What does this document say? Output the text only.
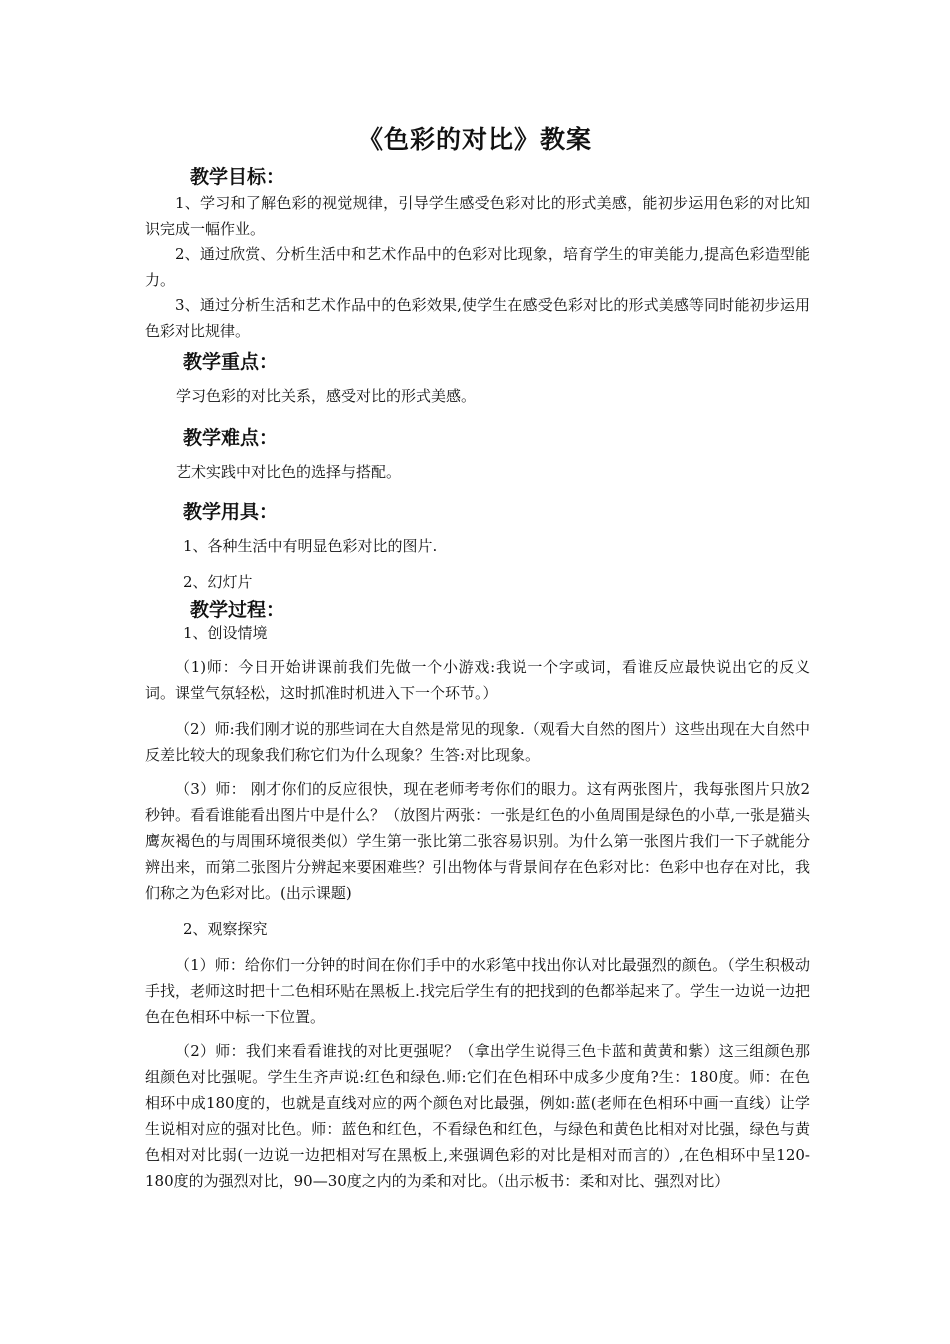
《色彩的对比》教案
教学目标：

1、学习和了解色彩的视觉规律，引导学生感受色彩对比的形式美感，能初步运用色彩的对比知识完成一幅作业。

2、通过欣赏、分析生活中和艺术作品中的色彩对比现象，培育学生的审美能力,提高色彩造型能力。

3、通过分析生活和艺术作品中的色彩效果,使学生在感受色彩对比的形式美感等同时能初步运用色彩对比规律。

教学重点：

学习色彩的对比关系，感受对比的形式美感。

教学难点：

艺术实践中对比色的选择与搭配。

教学用具：

1、各种生活中有明显色彩对比的图片.

2、幻灯片

教学过程：

1、创设情境

（1)师：今日开始讲课前我们先做一个小游戏:我说一个字或词，看谁反应最快说出它的反义词。课堂气氛轻松，这时抓准时机进入下一个环节。）

（2）师:我们刚才说的那些词在大自然是常见的现象.（观看大自然的图片）这些出现在大自然中反差比较大的现象我们称它们为什么现象？生答:对比现象。

（3）师： 刚才你们的反应很快，现在老师考考你们的眼力。这有两张图片，我每张图片只放2秒钟。看看谁能看出图片中是什么？（放图片两张：一张是红色的小鱼周围是绿色的小草,一张是猫头鹰灰褐色的与周围环境很类似）学生第一张比第二张容易识别。为什么第一张图片我们一下子就能分辨出来，而第二张图片分辨起来要困难些？引出物体与背景间存在色彩对比：色彩中也存在对比，我们称之为色彩对比。(出示课题)

2、观察探究

（1）师：给你们一分钟的时间在你们手中的水彩笔中找出你认对比最强烈的颜色。（学生积极动手找，老师这时把十二色相环贴在黑板上.找完后学生有的把找到的色都举起来了。学生一边说一边把色在色相环中标一下位置。

（2）师：我们来看看谁找的对比更强呢？（拿出学生说得三色卡蓝和黄黄和紫）这三组颜色那组颜色对比强呢。学生生齐声说:红色和绿色.师:它们在色相环中成多少度角?生：180度。师：在色相环中成180度的，也就是直线对应的两个颜色对比最强，例如:蓝(老师在色相环中画一直线）让学生说相对应的强对比色。师：蓝色和红色，不看绿色和红色，与绿色和黄色比相对对比强，绿色与黄色相对对比弱(一边说一边把相对写在黑板上,来强调色彩的对比是相对而言的）,在色相环中呈120-180度的为强烈对比，90—30度之内的为柔和对比。（出示板书：柔和对比、强烈对比）
